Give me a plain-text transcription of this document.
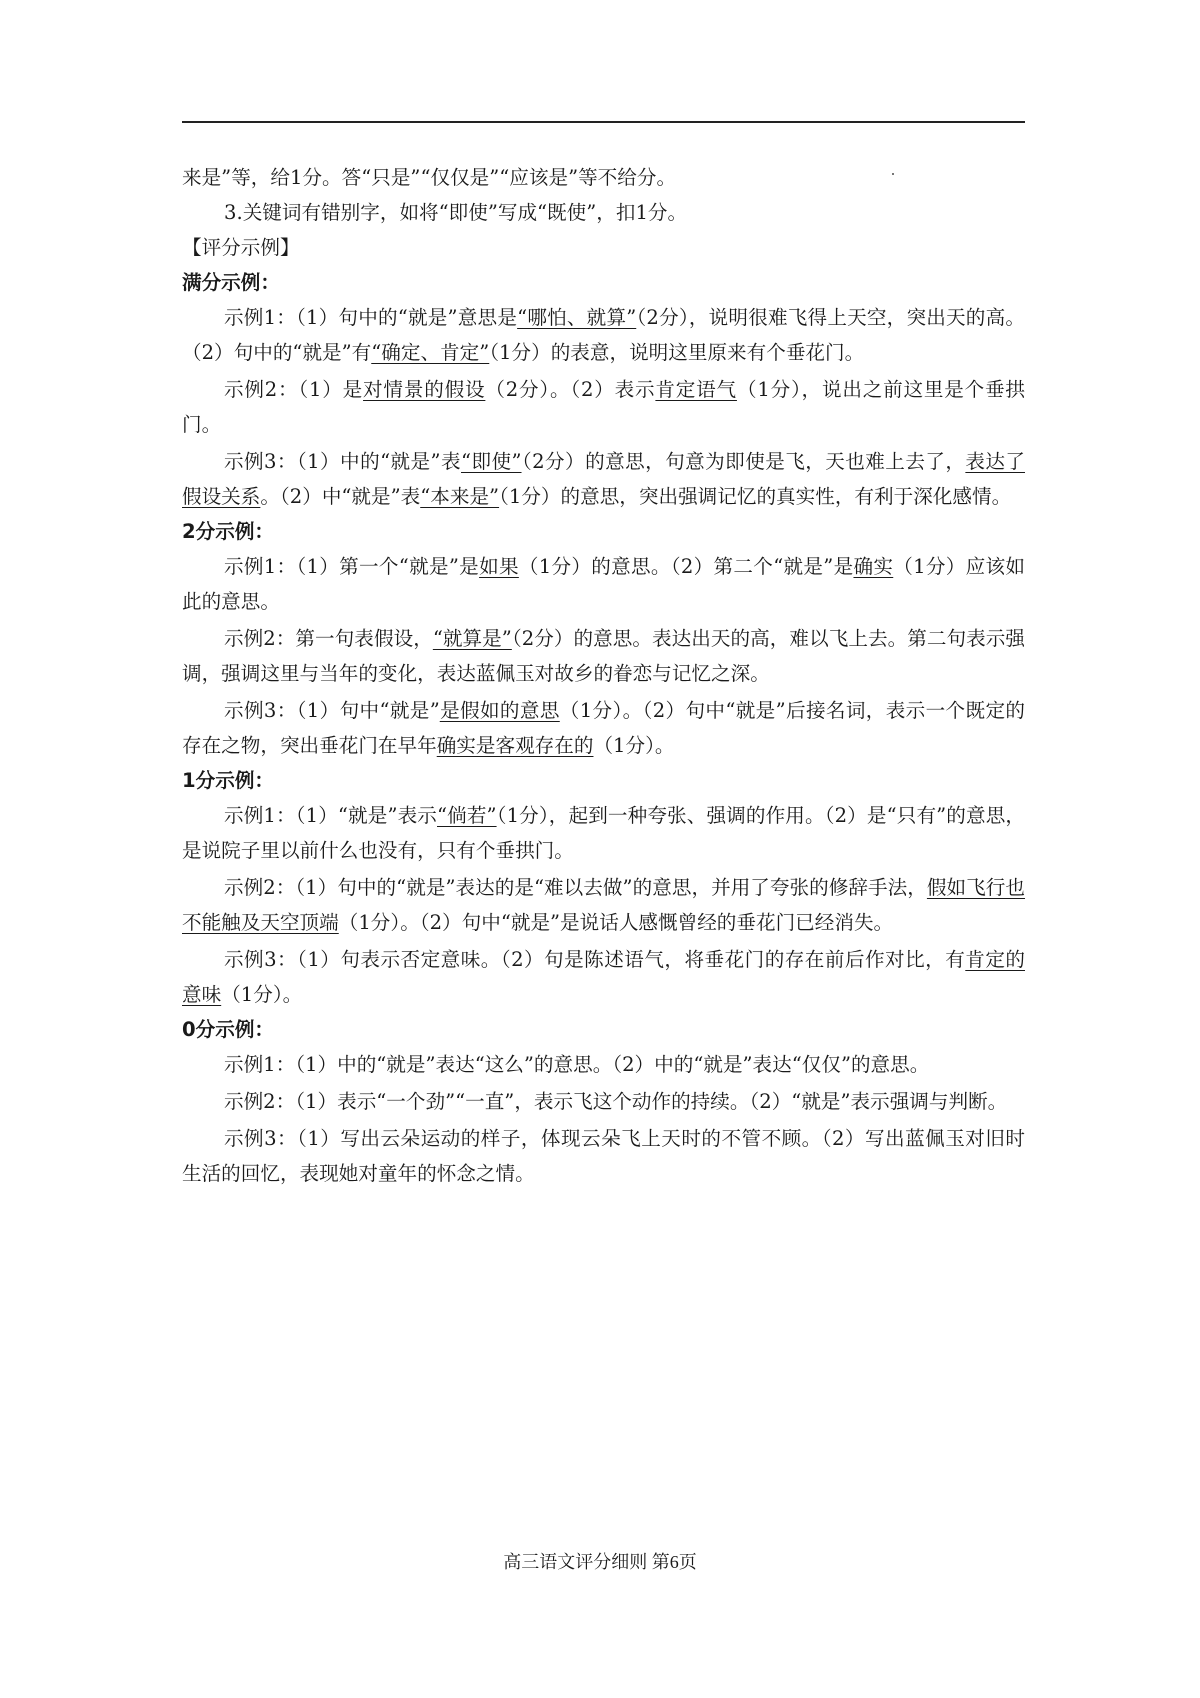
来是”等，给1分。答“只是”“仅仅是”“应该是”等不给分。

3.关键词有错别字，如将“即使”写成“既使”，扣1分。

【评分示例】

满分示例：

示例1：（1）句中的“就是”意思是“哪怕、就算”（2分），说明很难飞得上天空，突出天的高。（2）句中的“就是”有“确定、肯定”（1分）的表意，说明这里原来有个垂花门。

示例2：（1）是对情景的假设（2分）。（2）表示肯定语气（1分），说出之前这里是个垂拱门。

示例3：（1）中的“就是”表“即使”（2分）的意思，句意为即使是飞，天也难上去了，表达了假设关系。（2）中“就是”表“本来是”（1分）的意思，突出强调记忆的真实性，有利于深化感情。

2分示例：

示例1：（1）第一个“就是”是如果（1分）的意思。（2）第二个“就是”是确实（1分）应该如此的意思。

示例2：第一句表假设，“就算是”（2分）的意思。表达出天的高，难以飞上去。第二句表示强调，强调这里与当年的变化，表达蓝佩玉对故乡的眷恋与记忆之深。

示例3：（1）句中“就是”是假如的意思（1分）。（2）句中“就是”后接名词，表示一个既定的存在之物，突出垂花门在早年确实是客观存在的（1分）。

1分示例：

示例1：（1）“就是”表示“倘若”（1分），起到一种夸张、强调的作用。（2）是“只有”的意思，是说院子里以前什么也没有，只有个垂拱门。

示例2：（1）句中的“就是”表达的是“难以去做”的意思，并用了夸张的修辞手法，假如飞行也不能触及天空顶端（1分）。（2）句中“就是”是说话人感慨曾经的垂花门已经消失。

示例3：（1）句表示否定意味。（2）句是陈述语气，将垂花门的存在前后作对比，有肯定的意味（1分）。

0分示例：

示例1：（1）中的“就是”表达“这么”的意思。（2）中的“就是”表达“仅仅”的意思。

示例2：（1）表示“一个劲”“一直”，表示飞这个动作的持续。（2）“就是”表示强调与判断。

示例3：（1）写出云朵运动的样子，体现云朵飞上天时的不管不顾。（2）写出蓝佩玉对旧时生活的回忆，表现她对童年的怀念之情。

高三语文评分细则 第6页
